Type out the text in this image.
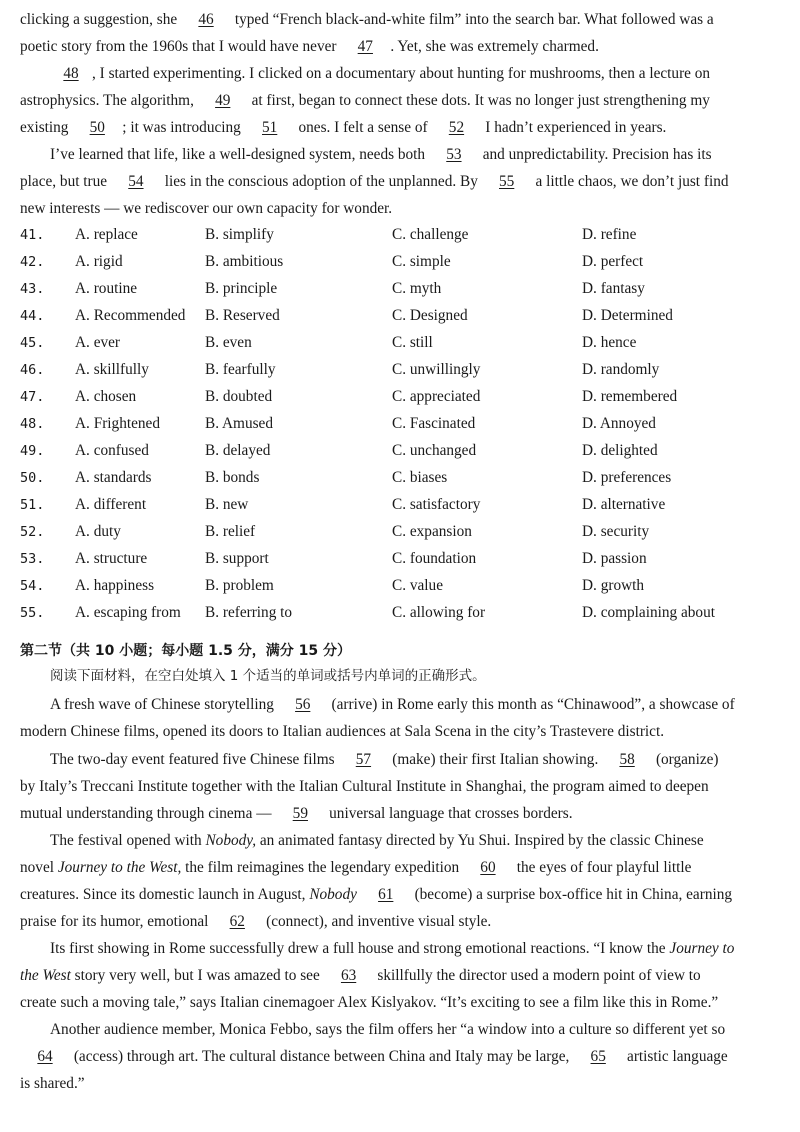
clicking a suggestion, she 46 typed “French black-and-white film” into the search bar. What followed was a
poetic story from the 1960s that I would have never 47 . Yet, she was extremely charmed.
48 , I started experimenting. I clicked on a documentary about hunting for mushrooms, then a lecture on
astrophysics. The algorithm, 49 at first, began to connect these dots. It was no longer just strengthening my
existing 50 ; it was introducing 51 ones. I felt a sense of 52 I hadn’t experienced in years.
I’ve learned that life, like a well-designed system, needs both 53 and unpredictability. Precision has its
place, but true 54 lies in the conscious adoption of the unplanned. By 55 a little chaos, we don’t just find
new interests — we rediscover our own capacity for wonder.
41. A. replace	B. simplify	C. challenge	D. refine
42. A. rigid	B. ambitious	C. simple	D. perfect
43. A. routine	B. principle	C. myth	D. fantasy
44. A. Recommended B. Reserved	C. Designed	D. Determined
45. A. ever	B. even	C. still	D. hence
46. A. skillfully	B. fearfully	C. unwillingly	D. randomly
47. A. chosen	B. doubted	C. appreciated	D. remembered
48. A. Frightened	B. Amused	C. Fascinated	D. Annoyed
49. A. confused	B. delayed	C. unchanged	D. delighted
50. A. standards	B. bonds	C. biases	D. preferences
51. A. different	B. new	C. satisfactory	D. alternative
52. A. duty	B. relief	C. expansion	D. security
53. A. structure	B. support	C. foundation	D. passion
54. A. happiness	B. problem	C. value	D. growth
55. A. escaping from B. referring to	C. allowing for	D. complaining about
第二节（共 10 小题；每小题 1.5 分，满分 15 分）
阅读下面材料，在空白处填入 1 个适当的单词或括号内单词的正确形式。
A fresh wave of Chinese storytelling 56 (arrive) in Rome early this month as “Chinawood”, a showcase of
modern Chinese films, opened its doors to Italian audiences at Sala Scena in the city’s Trastevere district.
The two-day event featured five Chinese films 57 (make) their first Italian showing. 58 (organize)
by Italy’s Treccani Institute together with the Italian Cultural Institute in Shanghai, the program aimed to deepen
mutual understanding through cinema — 59 universal language that crosses borders.
The festival opened with Nobody, an animated fantasy directed by Yu Shui. Inspired by the classic Chinese
novel Journey to the West, the film reimagines the legendary expedition 60 the eyes of four playful little
creatures. Since its domestic launch in August, Nobody 61 (become) a surprise box-office hit in China, earning
praise for its humor, emotional 62 (connect), and inventive visual style.
Its first showing in Rome successfully drew a full house and strong emotional reactions. “I know the Journey to
the West story very well, but I was amazed to see 63 skillfully the director used a modern point of view to
create such a moving tale,” says Italian cinemagoer Alex Kislyakov. “It’s exciting to see a film like this in Rome.”
Another audience member, Monica Febbo, says the film offers her “a window into a culture so different yet so
64 (access) through art. The cultural distance between China and Italy may be large, 65 artistic language
is shared.”
